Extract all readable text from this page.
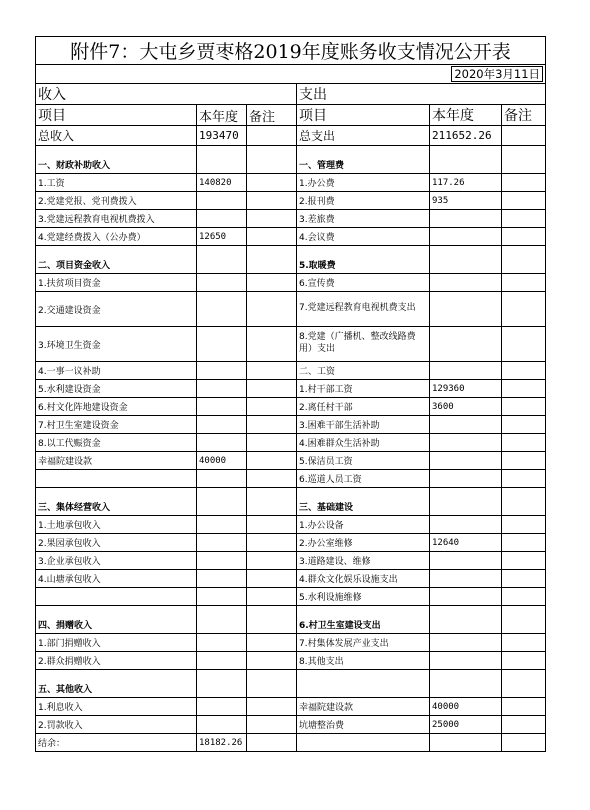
附件7：大屯乡贾枣格2019年度账务收支情况公开表					
2020年3月11日					
收入			支出		
项目	本年度	备注	项目	本年度	备注
总收入	193470		总支出	211652.26	

一、财政补助收入			一、管理费		
1.工资	140820		1.办公费	117.26	
2.党建党报、党刊费拨入			2.报刊费	935	
3.党建远程教育电视机费拨入			3.差旅费		
4.党建经费拨入（公办费）	12650		4.会议费		

二、项目资金收入			5.取暖费		
1.扶贫项目资金			6.宣传费		
2.交通建设资金			7.党建远程教育电视机费支出		
3.环境卫生资金			8.党建（广播机、整改线路费用）支出		
4.一事一议补助			二、工资		
5.水利建设资金			1.村干部工资	129360	
6.村文化阵地建设资金			2.离任村干部	3600	
7.村卫生室建设资金			3.困难干部生活补助		
8.以工代赈资金			4.困难群众生活补助		
幸福院建设款	40000		5.保洁员工资		
			6.巡道人员工资		

三、集体经营收入			三、基础建设		
1.土地承包收入			1.办公设备		
2.果园承包收入			2.办公室维修	12640	
3.企业承包收入			3.道路建设、维修		
4.山塘承包收入			4.群众文化娱乐设施支出		
			5.水利设施维修		

四、捐赠收入			6.村卫生室建设支出		
1.部门捐赠收入			7.村集体发展产业支出		
2.群众捐赠收入			8.其他支出		

五、其他收入					
1.利息收入			幸福院建设款	40000	
2.罚款收入			坑塘整治费	25000	
结余：	18182.26				
